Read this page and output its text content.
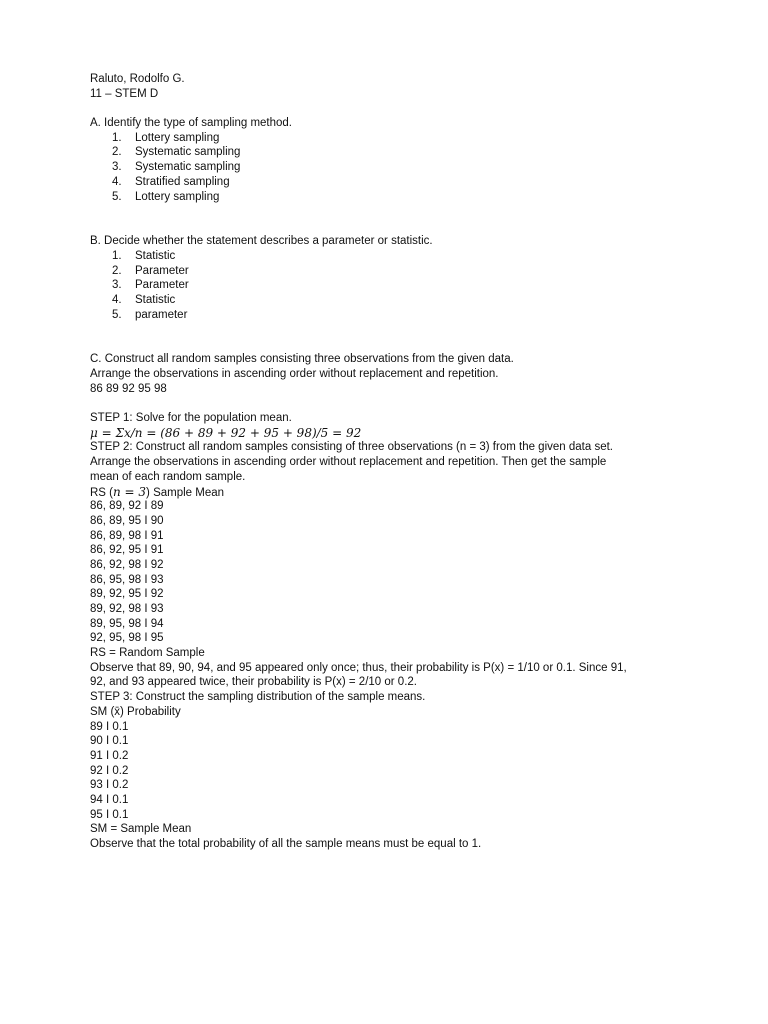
Raluto, Rodolfo G.
11 – STEM D
A. Identify the type of sampling method.
1.	Lottery sampling
2.	Systematic sampling
3.	Systematic sampling
4.	Stratified sampling
5.	Lottery sampling
B. Decide whether the statement describes a parameter or statistic.
1.	Statistic
2.	Parameter
3.	Parameter
4.	Statistic
5.	parameter
C. Construct all random samples consisting three observations from the given data.
Arrange the observations in ascending order without replacement and repetition.
86 89 92 95 98
STEP 1: Solve for the population mean.
μ = Σx/n = (86 + 89 + 92 + 95 + 98)/5 = 92
STEP 2: Construct all random samples consisting of three observations (n = 3) from the given data set.
Arrange the observations in ascending order without replacement and repetition. Then get the sample
mean of each random sample.
RS (n = 3) Sample Mean
86, 89, 92 I 89
86, 89, 95 I 90
86, 89, 98 I 91
86, 92, 95 I 91
86, 92, 98 I 92
86, 95, 98 I 93
89, 92, 95 I 92
89, 92, 98 I 93
89, 95, 98 I 94
92, 95, 98 I 95
RS = Random Sample
Observe that 89, 90, 94, and 95 appeared only once; thus, their probability is P(x) = 1/10 or 0.1. Since 91,
92, and 93 appeared twice, their probability is P(x) = 2/10 or 0.2.
STEP 3: Construct the sampling distribution of the sample means.
SM (x̄) Probability
89 I 0.1
90 I 0.1
91 I 0.2
92 I 0.2
93 I 0.2
94 I 0.1
95 I 0.1
SM = Sample Mean
Observe that the total probability of all the sample means must be equal to 1.
